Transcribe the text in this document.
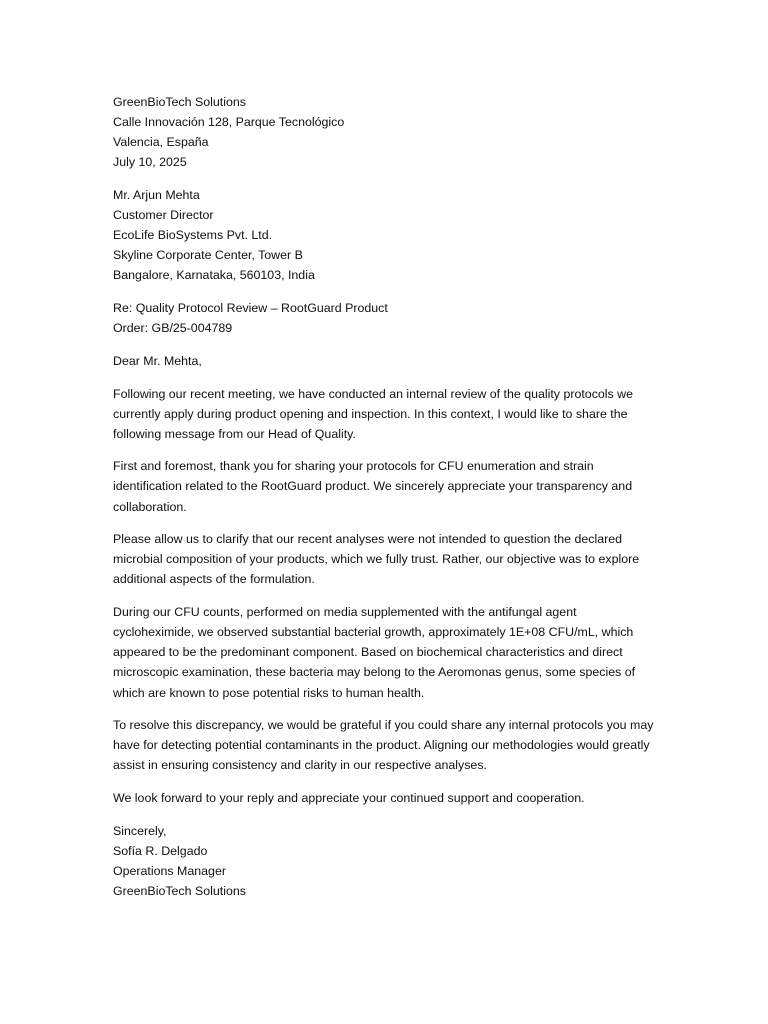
GreenBioTech Solutions
Calle Innovación 128, Parque Tecnológico
Valencia, España
July 10, 2025
Mr. Arjun Mehta
Customer Director
EcoLife BioSystems Pvt. Ltd.
Skyline Corporate Center, Tower B
Bangalore, Karnataka, 560103, India
Re: Quality Protocol Review – RootGuard Product
Order: GB/25-004789
Dear Mr. Mehta,

Following our recent meeting, we have conducted an internal review of the quality protocols we currently apply during product opening and inspection. In this context, I would like to share the following message from our Head of Quality.

First and foremost, thank you for sharing your protocols for CFU enumeration and strain identification related to the RootGuard product. We sincerely appreciate your transparency and collaboration.

Please allow us to clarify that our recent analyses were not intended to question the declared microbial composition of your products, which we fully trust. Rather, our objective was to explore additional aspects of the formulation.

During our CFU counts, performed on media supplemented with the antifungal agent cycloheximide, we observed substantial bacterial growth, approximately 1E+08 CFU/mL, which appeared to be the predominant component. Based on biochemical characteristics and direct microscopic examination, these bacteria may belong to the Aeromonas genus, some species of which are known to pose potential risks to human health.

To resolve this discrepancy, we would be grateful if you could share any internal protocols you may have for detecting potential contaminants in the product. Aligning our methodologies would greatly assist in ensuring consistency and clarity in our respective analyses.

We look forward to your reply and appreciate your continued support and cooperation.

Sincerely,
Sofía R. Delgado
Operations Manager
GreenBioTech Solutions
